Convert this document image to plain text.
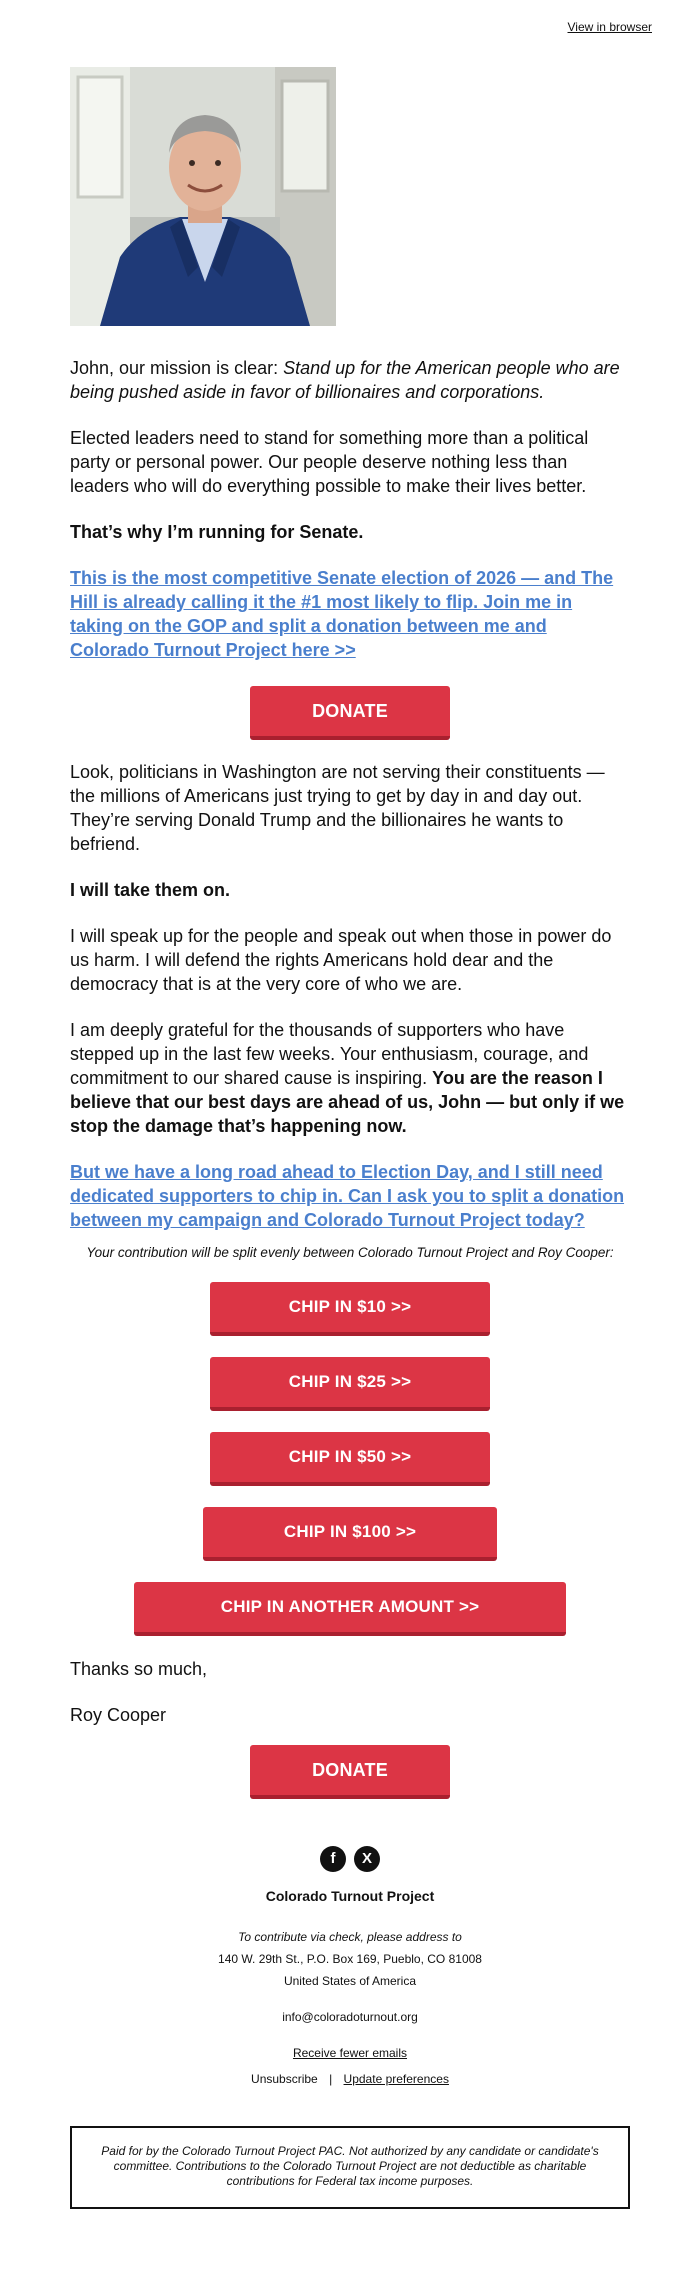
View in browser

John, our mission is clear: Stand up for the American people who are being pushed aside in favor of billionaires and corporations.

Elected leaders need to stand for something more than a political party or personal power. Our people deserve nothing less than leaders who will do everything possible to make their lives better.

That’s why I’m running for Senate.

This is the most competitive Senate election of 2026 — and The Hill is already calling it the #1 most likely to flip. Join me in taking on the GOP and split a donation between me and Colorado Turnout Project here >>

DONATE

Look, politicians in Washington are not serving their constituents — the millions of Americans just trying to get by day in and day out. They’re serving Donald Trump and the billionaires he wants to befriend.

I will take them on.

I will speak up for the people and speak out when those in power do us harm. I will defend the rights Americans hold dear and the democracy that is at the very core of who we are.

I am deeply grateful for the thousands of supporters who have stepped up in the last few weeks. Your enthusiasm, courage, and commitment to our shared cause is inspiring. You are the reason I believe that our best days are ahead of us, John — but only if we stop the damage that’s happening now.

But we have a long road ahead to Election Day, and I still need dedicated supporters to chip in. Can I ask you to split a donation between my campaign and Colorado Turnout Project today?

Your contribution will be split evenly between Colorado Turnout Project and Roy Cooper:
CHIP IN $10 >>
CHIP IN $25 >>
CHIP IN $50 >>
CHIP IN $100 >>
CHIP IN ANOTHER AMOUNT >>

Thanks so much,

Roy Cooper

DONATE
f	X
Colorado Turnout Project
To contribute via check, please address to
140 W. 29th St., P.O. Box 169, Pueblo, CO 81008
United States of America
info@coloradoturnout.org
Receive fewer emails
Unsubscribe | Update preferences
Paid for by the Colorado Turnout Project PAC. Not authorized by any candidate or candidate's committee. Contributions to the Colorado Turnout Project are not deductible as charitable contributions for Federal tax income purposes.
